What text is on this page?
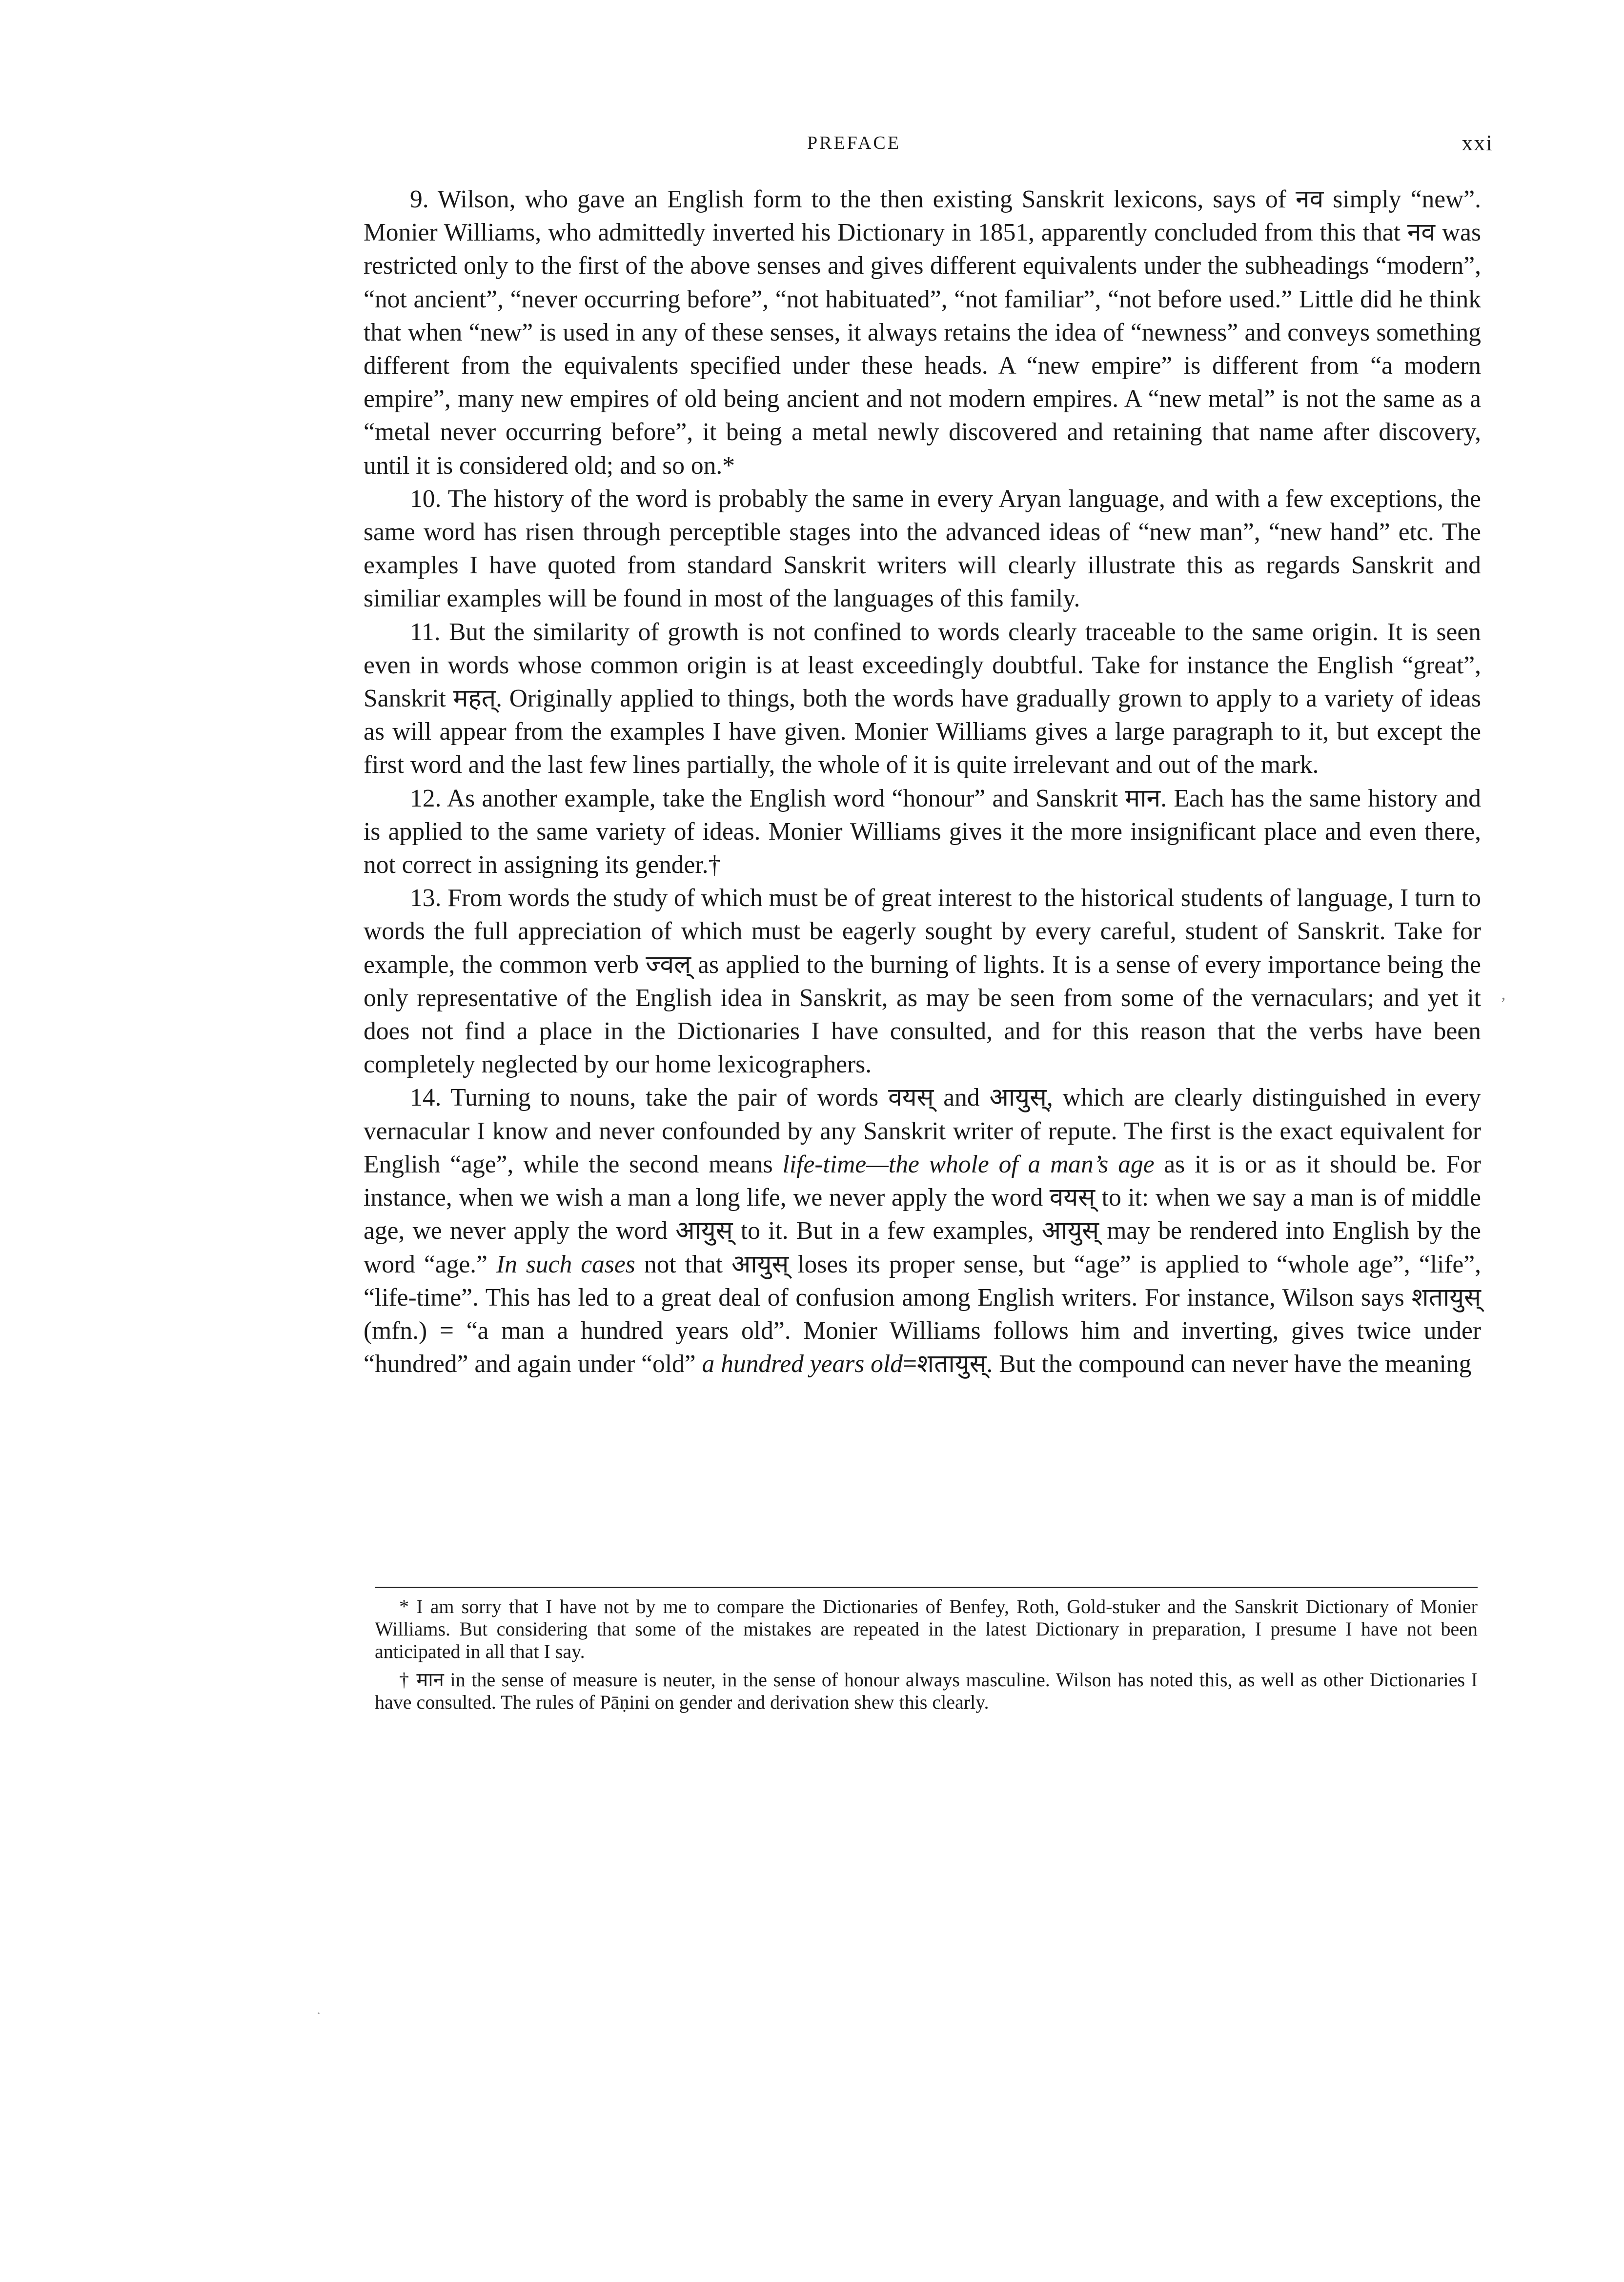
PREFACE	xxi

9. Wilson, who gave an English form to the then existing Sanskrit lexicons, says of नव simply “new”. Monier Williams, who admittedly inverted his Dictionary in 1851, apparently concluded from this that नव was restricted only to the first of the above senses and gives different equivalents under the subheadings “modern”, “not ancient”, “never occurring before”, “not habituated”, “not familiar”, “not before used.” Little did he think that when “new” is used in any of these senses, it always retains the idea of “newness” and conveys something different from the equivalents specified under these heads. A “new empire” is different from “a modern empire”, many new empires of old being ancient and not modern empires. A “new metal” is not the same as a “metal never occurring before”, it being a metal newly discovered and retaining that name after discovery, until it is considered old; and so on.*

10. The history of the word is probably the same in every Aryan language, and with a few exceptions, the same word has risen through perceptible stages into the advanced ideas of “new man”, “new hand” etc. The examples I have quoted from standard Sanskrit writers will clearly illustrate this as regards Sanskrit and similiar examples will be found in most of the languages of this family.

11. But the similarity of growth is not confined to words clearly traceable to the same origin. It is seen even in words whose common origin is at least exceedingly doubtful. Take for instance the English “great”, Sanskrit महत्. Originally applied to things, both the words have gradually grown to apply to a variety of ideas as will appear from the examples I have given. Monier Williams gives a large paragraph to it, but except the first word and the last few lines partially, the whole of it is quite irrelevant and out of the mark.

12. As another example, take the English word “honour” and Sanskrit मान. Each has the same history and is applied to the same variety of ideas. Monier Williams gives it the more insignificant place and even there, not correct in assigning its gender.†

13. From words the study of which must be of great interest to the historical students of language, I turn to words the full appreciation of which must be eagerly sought by every careful, student of Sanskrit. Take for example, the common verb ज्वल् as applied to the burning of lights. It is a sense of every importance being the only representative of the English idea in Sanskrit, as may be seen from some of the vernaculars; and yet it does not find a place in the Dictionaries I have consulted, and for this reason that the verbs have been completely neglected by our home lexicographers.

14. Turning to nouns, take the pair of words वयस् and आयुस्, which are clearly distinguished in every vernacular I know and never confounded by any Sanskrit writer of repute. The first is the exact equivalent for English “age”, while the second means life-time—the whole of a man’s age as it is or as it should be. For instance, when we wish a man a long life, we never apply the word वयस् to it: when we say a man is of middle age, we never apply the word आयुस् to it. But in a few examples, आयुस् may be rendered into English by the word “age.” In such cases not that आयुस् loses its proper sense, but “age” is applied to “whole age”, “life”, “life-time”. This has led to a great deal of confusion among English writers. For instance, Wilson says शतायुस् (mfn.) = “a man a hundred years old”. Monier Williams follows him and inverting, gives twice under “hundred” and again under “old” a hundred years old=शतायुस्. But the compound can never have the meaning

* I am sorry that I have not by me to compare the Dictionaries of Benfey, Roth, Gold-stuker and the Sanskrit Dictionary of Monier Williams. But considering that some of the mistakes are repeated in the latest Dictionary in preparation, I presume I have not been anticipated in all that I say.

† मान in the sense of measure is neuter, in the sense of honour always masculine. Wilson has noted this, as well as other Dictionaries I have consulted. The rules of Pāṇini on gender and derivation shew this clearly.

’
·
